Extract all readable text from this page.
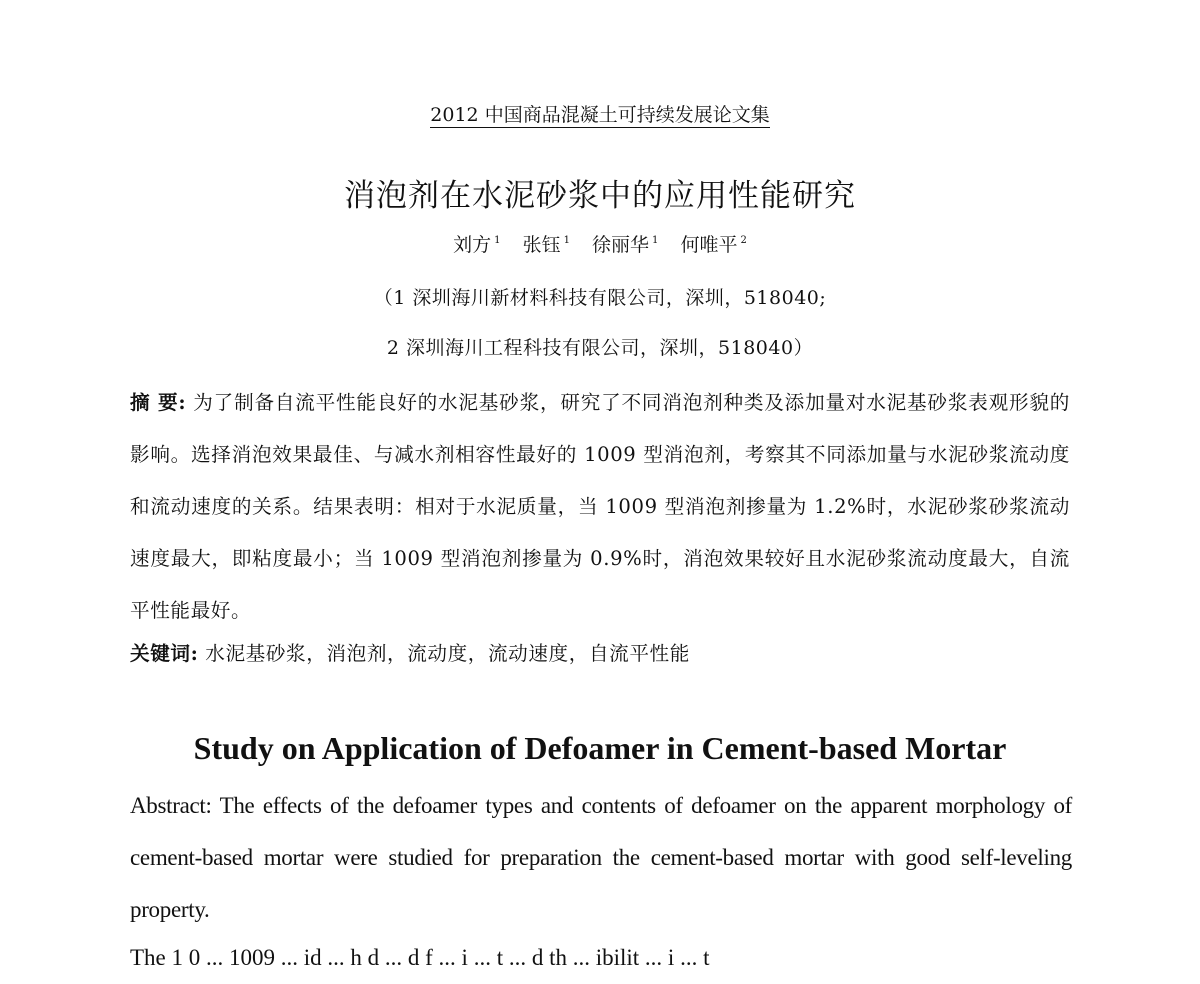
2012 中国商品混凝土可持续发展论文集
消泡剂在水泥砂浆中的应用性能研究
刘方 $^1$ 张钰 $^1$ 徐丽华 $^1$ 何唯平 $^2$
（1 深圳海川新材料科技有限公司，深圳，518040;
2 深圳海川工程科技有限公司，深圳，518040）
摘 要: 为了制备自流平性能良好的水泥基砂浆，研究了不同消泡剂种类及添加量对水泥基砂浆表观形貌的影响。选择消泡效果最佳、与减水剂相容性最好的 1009 型消泡剂，考察其不同添加量与水泥砂浆流动度和流动速度的关系。结果表明：相对于水泥质量，当 1009 型消泡剂掺量为 1.2%时，水泥砂浆砂浆流动速度最大，即粘度最小；当 1009 型消泡剂掺量为 0.9%时，消泡效果较好且水泥砂浆流动度最大，自流平性能最好。
关键词: 水泥基砂浆，消泡剂，流动度，流动速度，自流平性能
Study on Application of Defoamer in Cement-based Mortar
Abstract: The effects of the defoamer types and contents of defoamer on the apparent morphology of cement-based mortar were studied for preparation the cement-based mortar with good self-leveling property.
The 1 0 ... 1009 ... id ... h d ... d f ... i ... t ... d th ... ibilit ... i ... t
